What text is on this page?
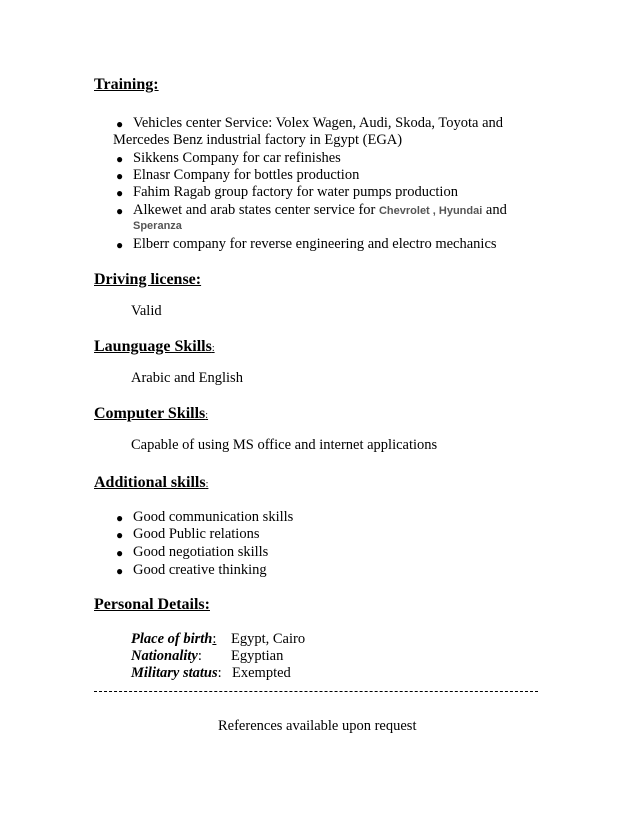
Training:
● Vehicles center Service: Volex Wagen, Audi, Skoda, Toyota and
Mercedes Benz industrial factory in Egypt (EGA)
● Sikkens Company for car refinishes
● Elnasr Company for bottles production
● Fahim Ragab group factory for water pumps production
● Alkewet and arab states center service for Chevrolet , Hyundai and
Speranza
● Elberr company for reverse engineering and electro mechanics
Driving license:
Valid
Launguage Skills:
Arabic and English
Computer Skills:
Capable of using MS office and internet applications
Additional skills:
● Good communication skills
● Good Public relations
● Good negotiation skills
● Good creative thinking
Personal Details:
Place of birth: Egypt, Cairo
Nationality: Egyptian
Military status: Exempted
References available upon request
